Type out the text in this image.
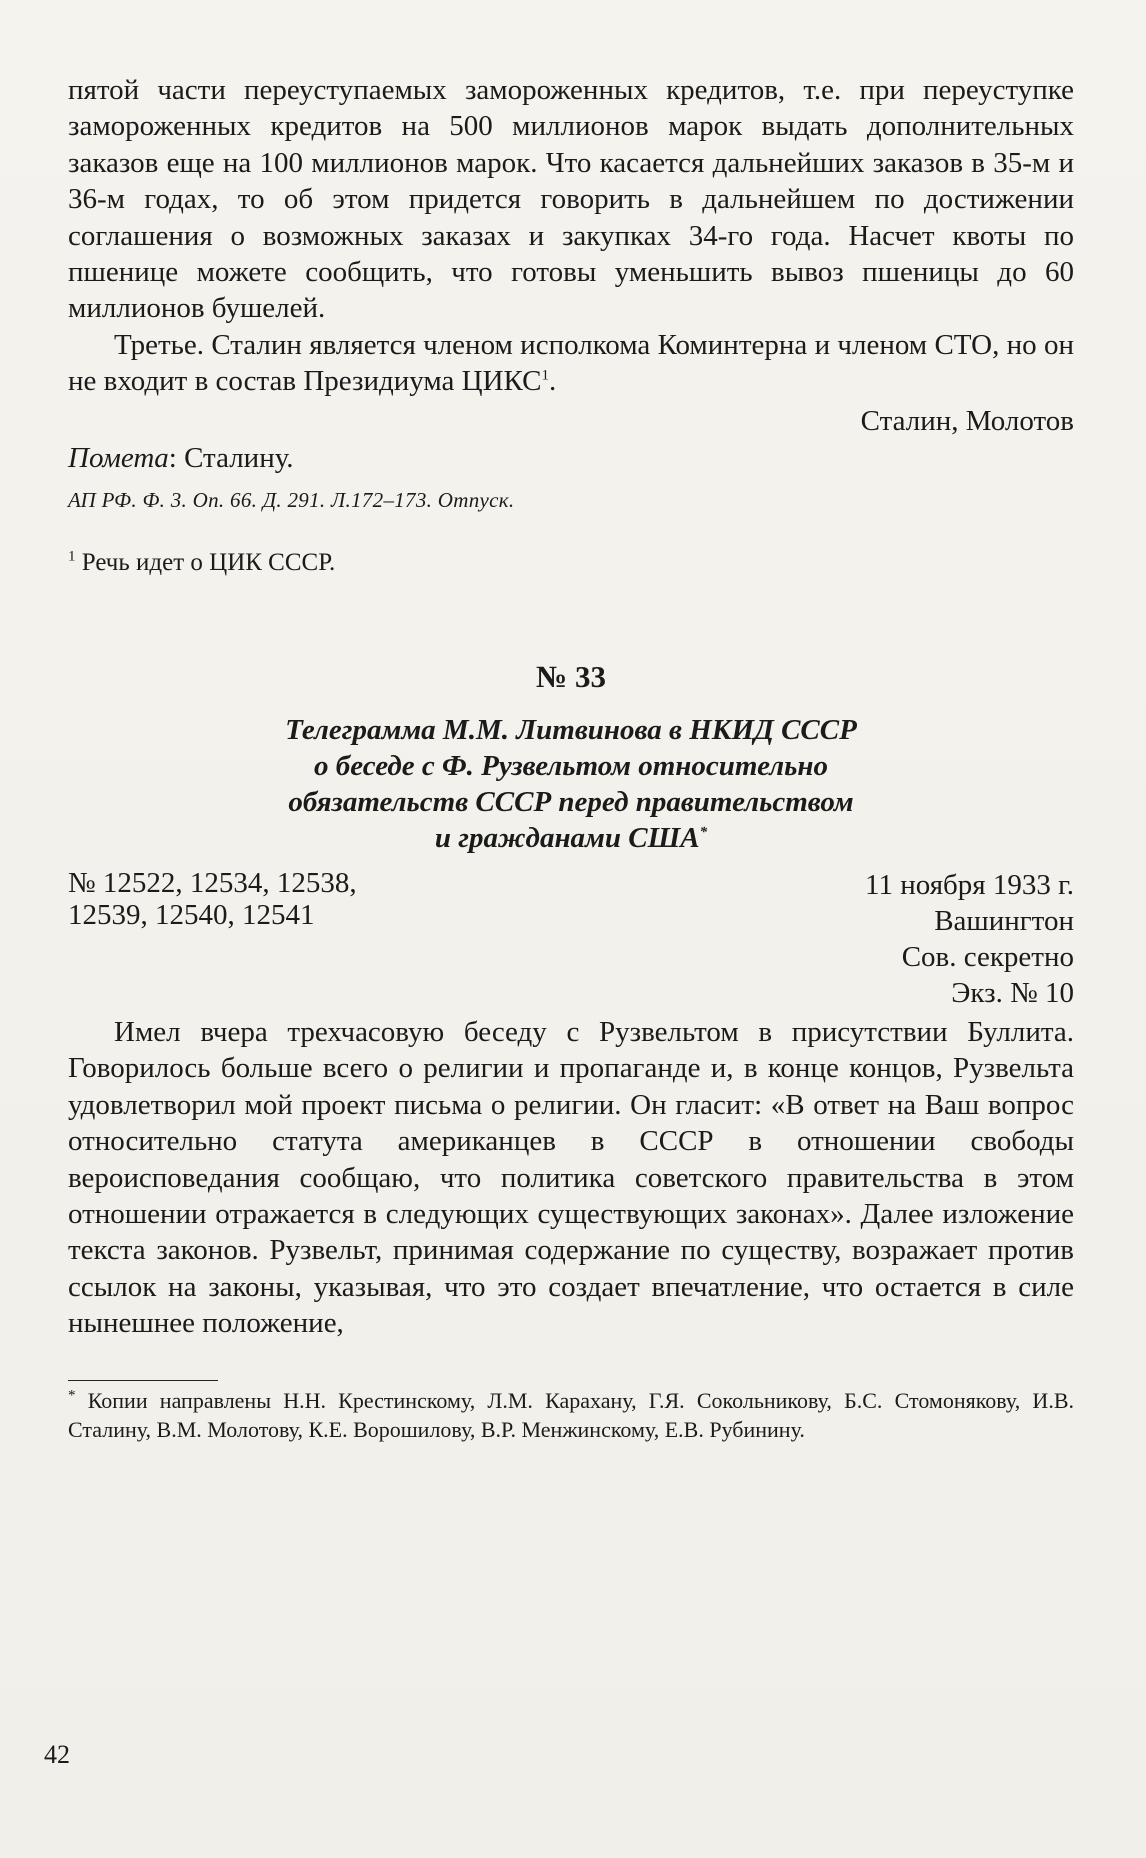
пятой части переуступаемых замороженных кредитов, т.е. при переуступке замороженных кредитов на 500 миллионов марок выдать дополнительных заказов еще на 100 миллионов марок. Что касается дальнейших заказов в 35-м и 36-м годах, то об этом придется говорить в дальнейшем по достижении соглашения о возможных заказах и закупках 34-го года. Насчет квоты по пшенице можете сообщить, что готовы уменьшить вывоз пшеницы до 60 миллионов бушелей.

Третье. Сталин является членом исполкома Коминтерна и членом СТО, но он не входит в состав Президиума ЦИКС$^1$.

Сталин, Молотов
Пометa: Сталину.
АП РФ. Ф. 3. Оп. 66. Д. 291. Л.172–173. Отпуск.
$^1$ Речь идет о ЦИК СССР.
№ 33
Телеграмма М.М. Литвинова в НКИД СССР
о беседе с Ф. Рузвельтом относительно
обязательств СССР перед правительством
и гражданами США*
№ 12522, 12534, 12538,
12539, 12540, 12541
11 ноября 1933 г.
Вашингтон
Сов. секретно
Экз. № 10

Имел вчера трехчасовую беседу с Рузвельтом в присутствии Буллита. Говорилось больше всего о религии и пропаганде и, в конце концов, Рузвельта удовлетворил мой проект письма о религии. Он гласит: «В ответ на Ваш вопрос относительно статута американцев в СССР в отношении свободы вероисповедания сообщаю, что политика советского правительства в этом отношении отражается в следующих существующих законах». Далее изложение текста законов. Рузвельт, принимая содержание по существу, возражает против ссылок на законы, указывая, что это создает впечатление, что остается в силе нынешнее положение,

* Копии направлены Н.Н. Крестинскому, Л.М. Карахану, Г.Я. Сокольникову, Б.С. Стомонякову, И.В. Сталину, В.М. Молотову, К.Е. Ворошилову, В.Р. Менжинскому, Е.В. Рубинину.

42
